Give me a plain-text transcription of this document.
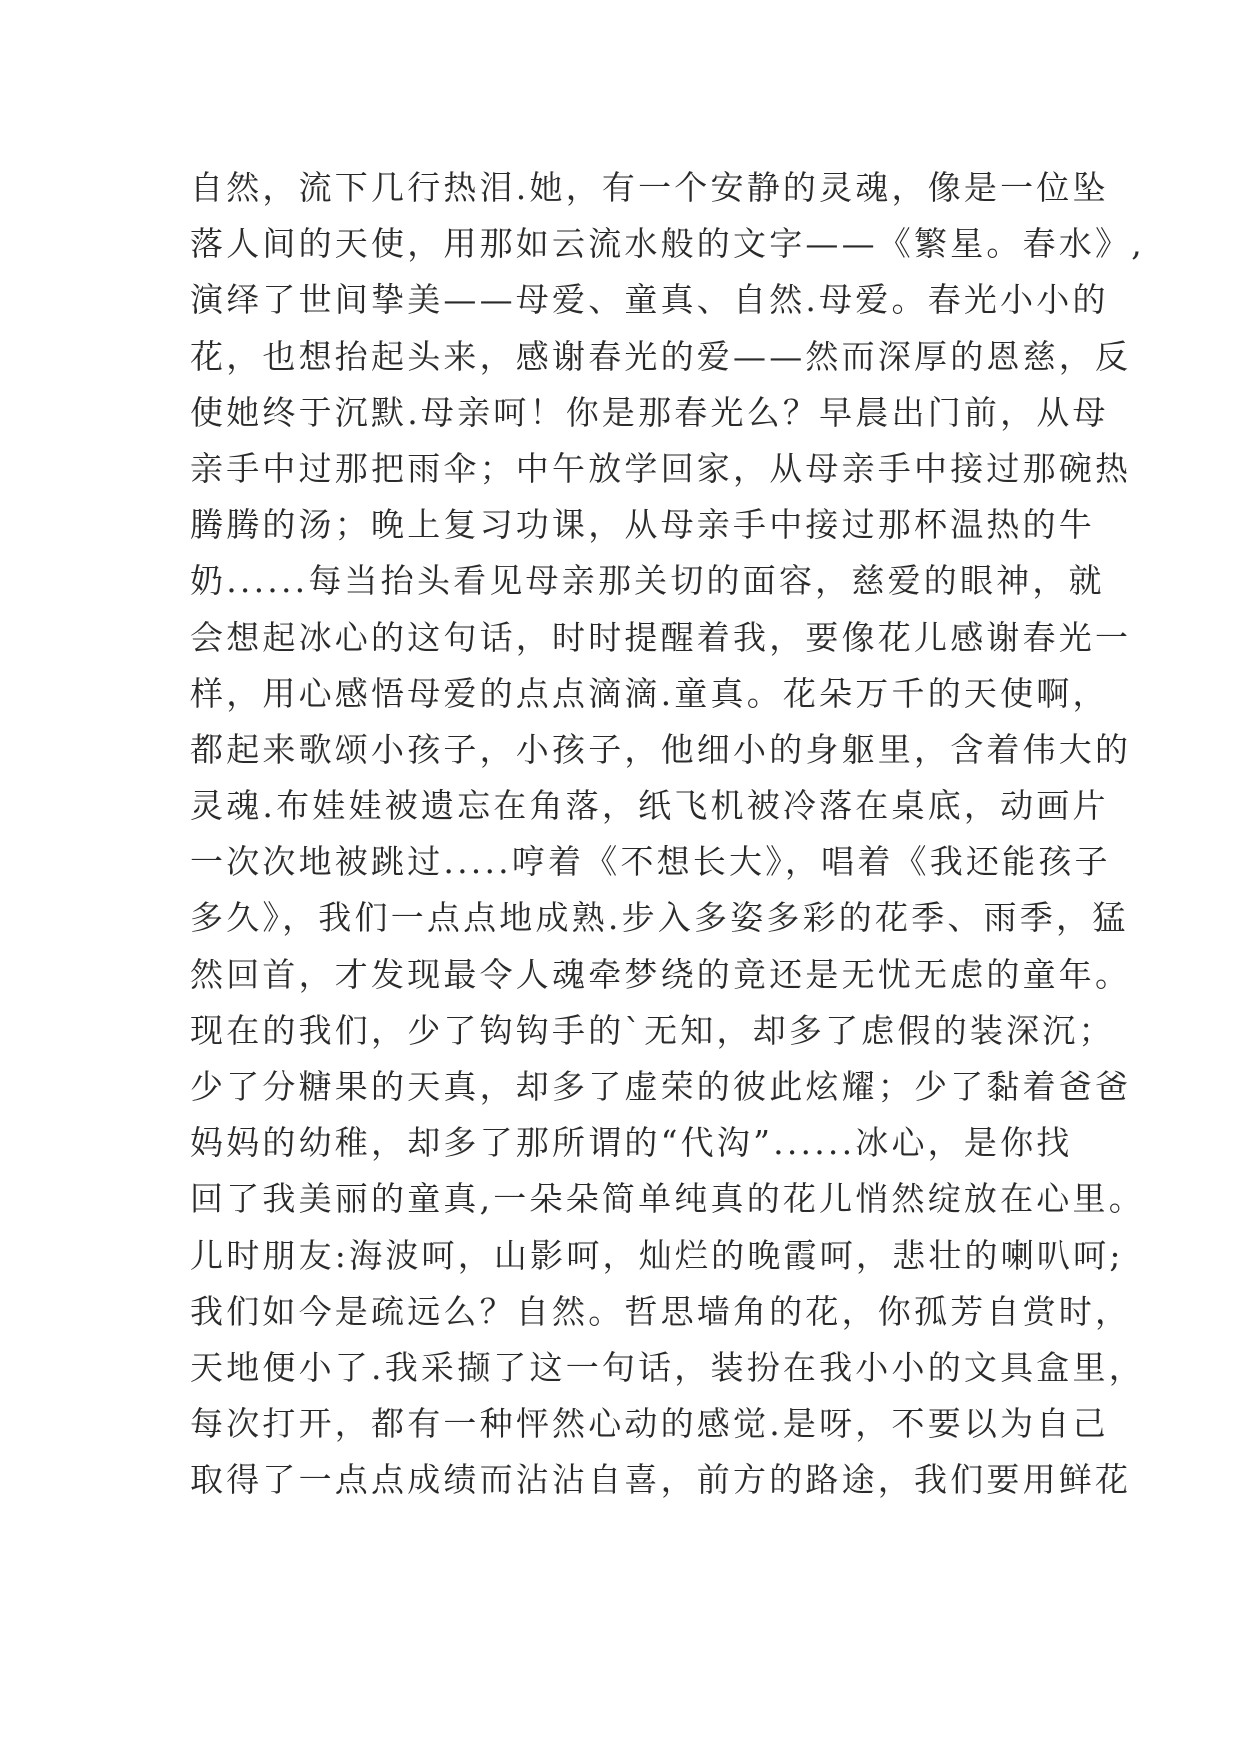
自然，流下几行热泪.她，有一个安静的灵魂，像是一位坠
落人间的天使，用那如云流水般的文字——《繁星。春水》,
演绎了世间挚美——母爱、童真、自然.母爱。春光小小的
花，也想抬起头来，感谢春光的爱——然而深厚的恩慈，反
使她终于沉默.母亲呵！你是那春光么？早晨出门前，从母
亲手中过那把雨伞；中午放学回家，从母亲手中接过那碗热
腾腾的汤；晚上复习功课，从母亲手中接过那杯温热的牛
奶......每当抬头看见母亲那关切的面容，慈爱的眼神，就
会想起冰心的这句话，时时提醒着我，要像花儿感谢春光一
样，用心感悟母爱的点点滴滴.童真。花朵万千的天使啊，
都起来歌颂小孩子，小孩子，他细小的身躯里，含着伟大的
灵魂.布娃娃被遗忘在角落，纸飞机被冷落在桌底，动画片
一次次地被跳过.....哼着《不想长大》，唱着《我还能孩子
多久》，我们一点点地成熟.步入多姿多彩的花季、雨季，猛
然回首，才发现最令人魂牵梦绕的竟还是无忧无虑的童年。
现在的我们，少了钩钩手的`无知，却多了虑假的装深沉；
少了分糖果的天真，却多了虚荣的彼此炫耀；少了黏着爸爸
妈妈的幼稚，却多了那所谓的“代沟”......冰心，是你找
回了我美丽的童真,一朵朵简单纯真的花儿悄然绽放在心里。
儿时朋友:海波呵，山影呵，灿烂的晚霞呵，悲壮的喇叭呵;
我们如今是疏远么？自然。哲思墙角的花，你孤芳自赏时，
天地便小了.我采撷了这一句话，装扮在我小小的文具盒里，
每次打开，都有一种怦然心动的感觉.是呀，不要以为自己
取得了一点点成绩而沾沾自喜，前方的路途，我们要用鲜花
